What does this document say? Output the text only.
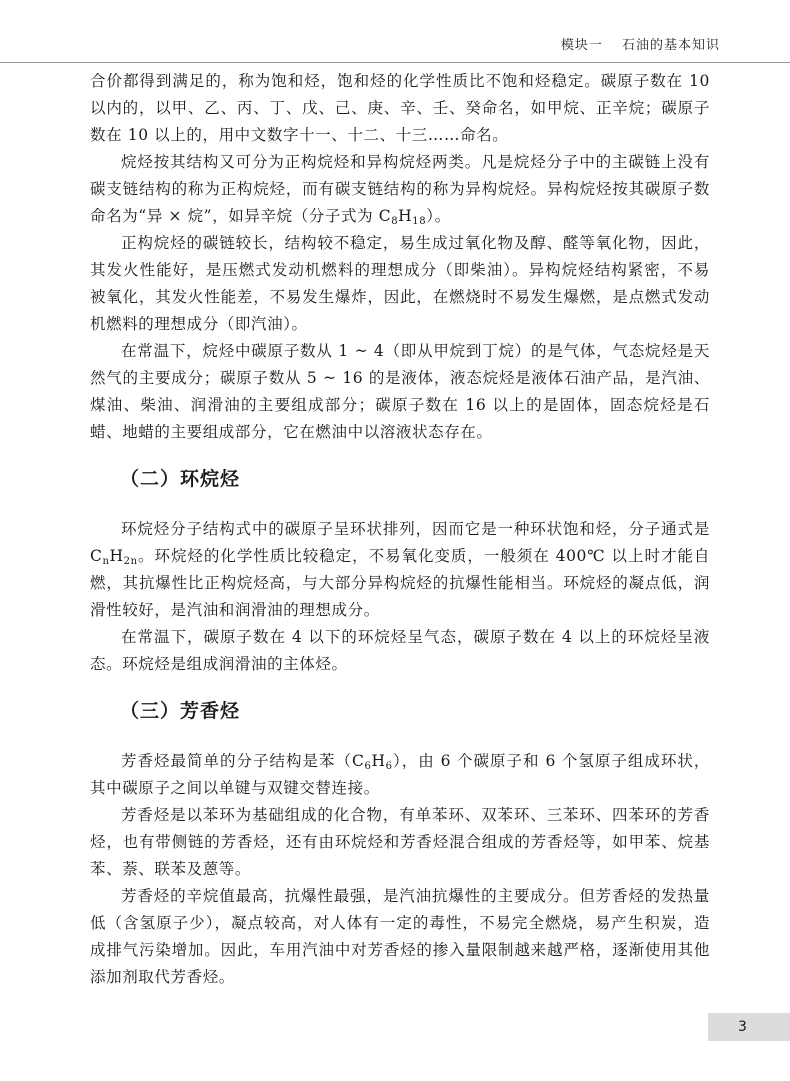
模块一 石油的基本知识

合价都得到满足的，称为饱和烃，饱和烃的化学性质比不饱和烃稳定。碳原子数在 10 以内的，以甲、乙、丙、丁、戊、己、庚、辛、壬、癸命名，如甲烷、正辛烷；碳原子数在 10 以上的，用中文数字十一、十二、十三……命名。

烷烃按其结构又可分为正构烷烃和异构烷烃两类。凡是烷烃分子中的主碳链上没有碳支链结构的称为正构烷烃，而有碳支链结构的称为异构烷烃。异构烷烃按其碳原子数命名为“异 × 烷”，如异辛烷（分子式为 $C_8H_{18}$）。

正构烷烃的碳链较长，结构较不稳定，易生成过氧化物及醇、醛等氧化物，因此，其发火性能好，是压燃式发动机燃料的理想成分（即柴油）。异构烷烃结构紧密，不易被氧化，其发火性能差，不易发生爆炸，因此，在燃烧时不易发生爆燃，是点燃式发动机燃料的理想成分（即汽油）。

在常温下，烷烃中碳原子数从 1 ~ 4（即从甲烷到丁烷）的是气体，气态烷烃是天然气的主要成分；碳原子数从 5 ~ 16 的是液体，液态烷烃是液体石油产品，是汽油、煤油、柴油、润滑油的主要组成部分；碳原子数在 16 以上的是固体，固态烷烃是石蜡、地蜡的主要组成部分，它在燃油中以溶液状态存在。

（二）环烷烃

环烷烃分子结构式中的碳原子呈环状排列，因而它是一种环状饱和烃，分子通式是 $C_nH_{2n}$。环烷烃的化学性质比较稳定，不易氧化变质，一般须在 400℃ 以上时才能自燃，其抗爆性比正构烷烃高，与大部分异构烷烃的抗爆性能相当。环烷烃的凝点低，润滑性较好，是汽油和润滑油的理想成分。

在常温下，碳原子数在 4 以下的环烷烃呈气态，碳原子数在 4 以上的环烷烃呈液态。环烷烃是组成润滑油的主体烃。

（三）芳香烃

芳香烃最简单的分子结构是苯$(C_6H_6)$，由 6 个碳原子和 6 个氢原子组成环状，其中碳原子之间以单键与双键交替连接。

芳香烃是以苯环为基础组成的化合物，有单苯环、双苯环、三苯环、四苯环的芳香烃，也有带侧链的芳香烃，还有由环烷烃和芳香烃混合组成的芳香烃等，如甲苯、烷基苯、萘、联苯及蒽等。

芳香烃的辛烷值最高，抗爆性最强，是汽油抗爆性的主要成分。但芳香烃的发热量低（含氢原子少），凝点较高，对人体有一定的毒性，不易完全燃烧，易产生积炭，造成排气污染增加。因此，车用汽油中对芳香烃的掺入量限制越来越严格，逐渐使用其他添加剂取代芳香烃。

3
